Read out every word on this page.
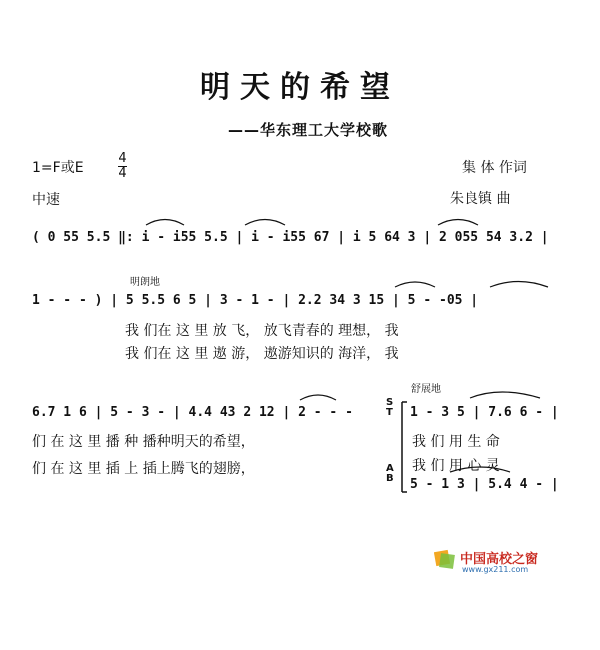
明天的希望
——华东理工大学校歌
1=F或E
4
4
中速
集 体 作词
朱良镇 曲
( 0 55 5.5 ‖: i - i55 5.5 | i - i55 67 | i 5 64 3 | 2 055 54 3.2 |
明朗地
1 - - - ) | 5 5.5 6 5 | 3 - 1 - | 2.2 34 3 15 | 5 - -05 |
我 们在 这 里 放 飞， 放飞青春的 理想， 我
我 们在 这 里 遨 游， 遨游知识的 海洋， 我
舒展地
6.7 1 6 | 5 - 3 - | 4.4 43 2 12 | 2 - - -
们 在 这 里 播 种 播种明天的希望，
们 在 这 里 插 上 插上腾飞的翅膀，
S
T
A
B
1 - 3 5 | 7.6 6 - |
我 们 用 生 命
我 们 用 心 灵
5 - 1 3 | 5.4 4 - |
中国高校之窗
www.gx211.com
